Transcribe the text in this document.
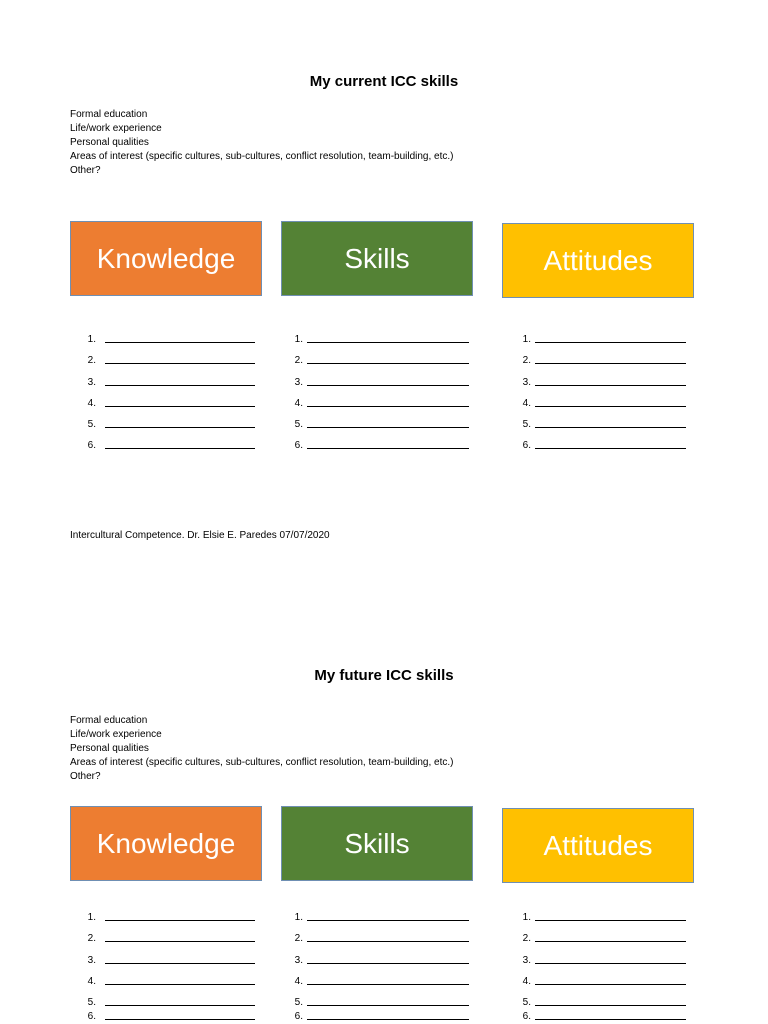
My current ICC skills
Formal education
Life/work experience
Personal qualities
Areas of interest (specific cultures, sub-cultures, conflict resolution, team-building, etc.)
Other?
Knowledge	Skills	Attitudes
1.
2.
3.
4.
5.
6.
1.
2.
3.
4.
5.
6.
1.
2.
3.
4.
5.
6.
Intercultural Competence. Dr. Elsie E. Paredes 07/07/2020
My future ICC skills
Formal education
Life/work experience
Personal qualities
Areas of interest (specific cultures, sub-cultures, conflict resolution, team-building, etc.)
Other?
Knowledge	Skills	Attitudes
1.
2.
3.
4.
5.
6.
1.
2.
3.
4.
5.
6.
1.
2.
3.
4.
5.
6.
